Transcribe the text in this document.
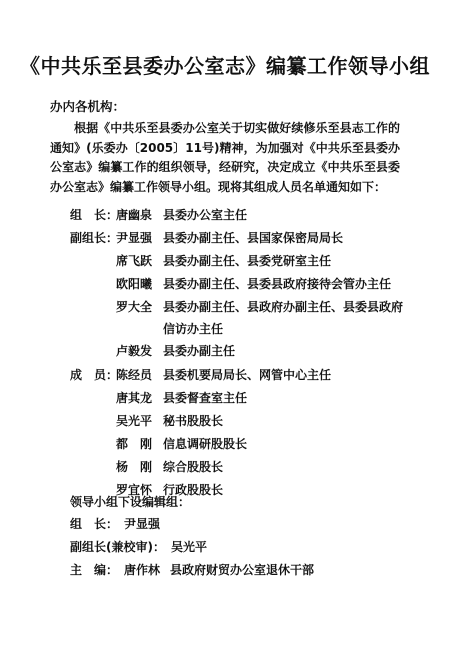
《中共乐至县委办公室志》编纂工作领导小组
办内各机构：
根据《中共乐至县委办公室关于切实做好续修乐至县志工作的通知》(乐委办〔2005〕11号)精神，为加强对《中共乐至县委办公室志》编纂工作的组织领导，经研究，决定成立《中共乐至县委办公室志》编纂工作领导小组。现将其组成人员名单通知如下：
组　长：
唐幽泉 县委办公室主任
副组长：
尹显强 县委办副主任、县国家保密局局长
席飞跃 县委办副主任、县委党研室主任
欧阳曦 县委办副主任、县委县政府接待会管办主任
罗大全 县委办副主任、县政府办副主任、县委县政府
信访办主任
卢毅发 县委办副主任
成　员：
陈经员 县委机要局局长、网管中心主任
唐其龙 县委督查室主任
吴光平 秘书股股长
都　刚 信息调研股股长
杨　刚 综合股股长
罗宜怀 行政股股长
领导小组下设编辑组：
组　长： 尹显强
副组长(兼校审)： 吴光平
主　编： 唐作林 县政府财贸办公室退休干部
